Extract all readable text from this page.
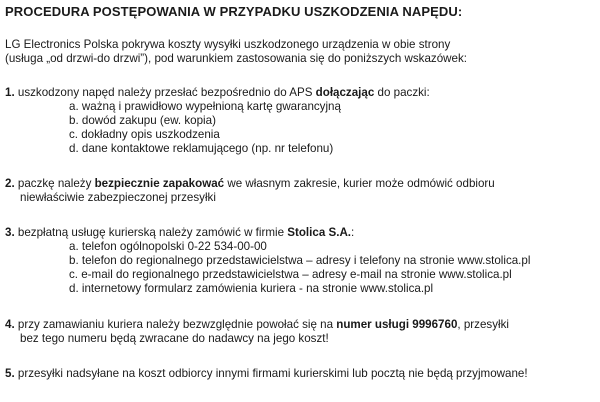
PROCEDURA POSTĘPOWANIA W PRZYPADKU USZKODZENIA NAPĘDU:
LG Electronics Polska pokrywa koszty wysyłki uszkodzonego urządzenia w obie strony
(usługa „od drzwi-do drzwi”), pod warunkiem zastosowania się do poniższych wskazówek:
1. uszkodzony napęd należy przesłać bezpośrednio do APS dołączając do paczki:
a. ważną i prawidłowo wypełnioną kartę gwarancyjną
b. dowód zakupu (ew. kopia)
c. dokładny opis uszkodzenia
d. dane kontaktowe reklamującego (np. nr telefonu)
2. paczkę należy bezpiecznie zapakować we własnym zakresie, kurier może odmówić odbioru
niewłaściwie zabezpieczonej przesyłki
3. bezpłatną usługę kurierską należy zamówić w firmie Stolica S.A.:
a. telefon ogólnopolski 0-22 534-00-00
b. telefon do regionalnego przedstawicielstwa – adresy i telefony na stronie www.stolica.pl
c. e-mail do regionalnego przedstawicielstwa – adresy e-mail na stronie www.stolica.pl
d. internetowy formularz zamówienia kuriera - na stronie www.stolica.pl
4. przy zamawianiu kuriera należy bezwzględnie powołać się na numer usługi 9996760, przesyłki
bez tego numeru będą zwracane do nadawcy na jego koszt!
5. przesyłki nadsyłane na koszt odbiorcy innymi firmami kurierskimi lub pocztą nie będą przyjmowane!
